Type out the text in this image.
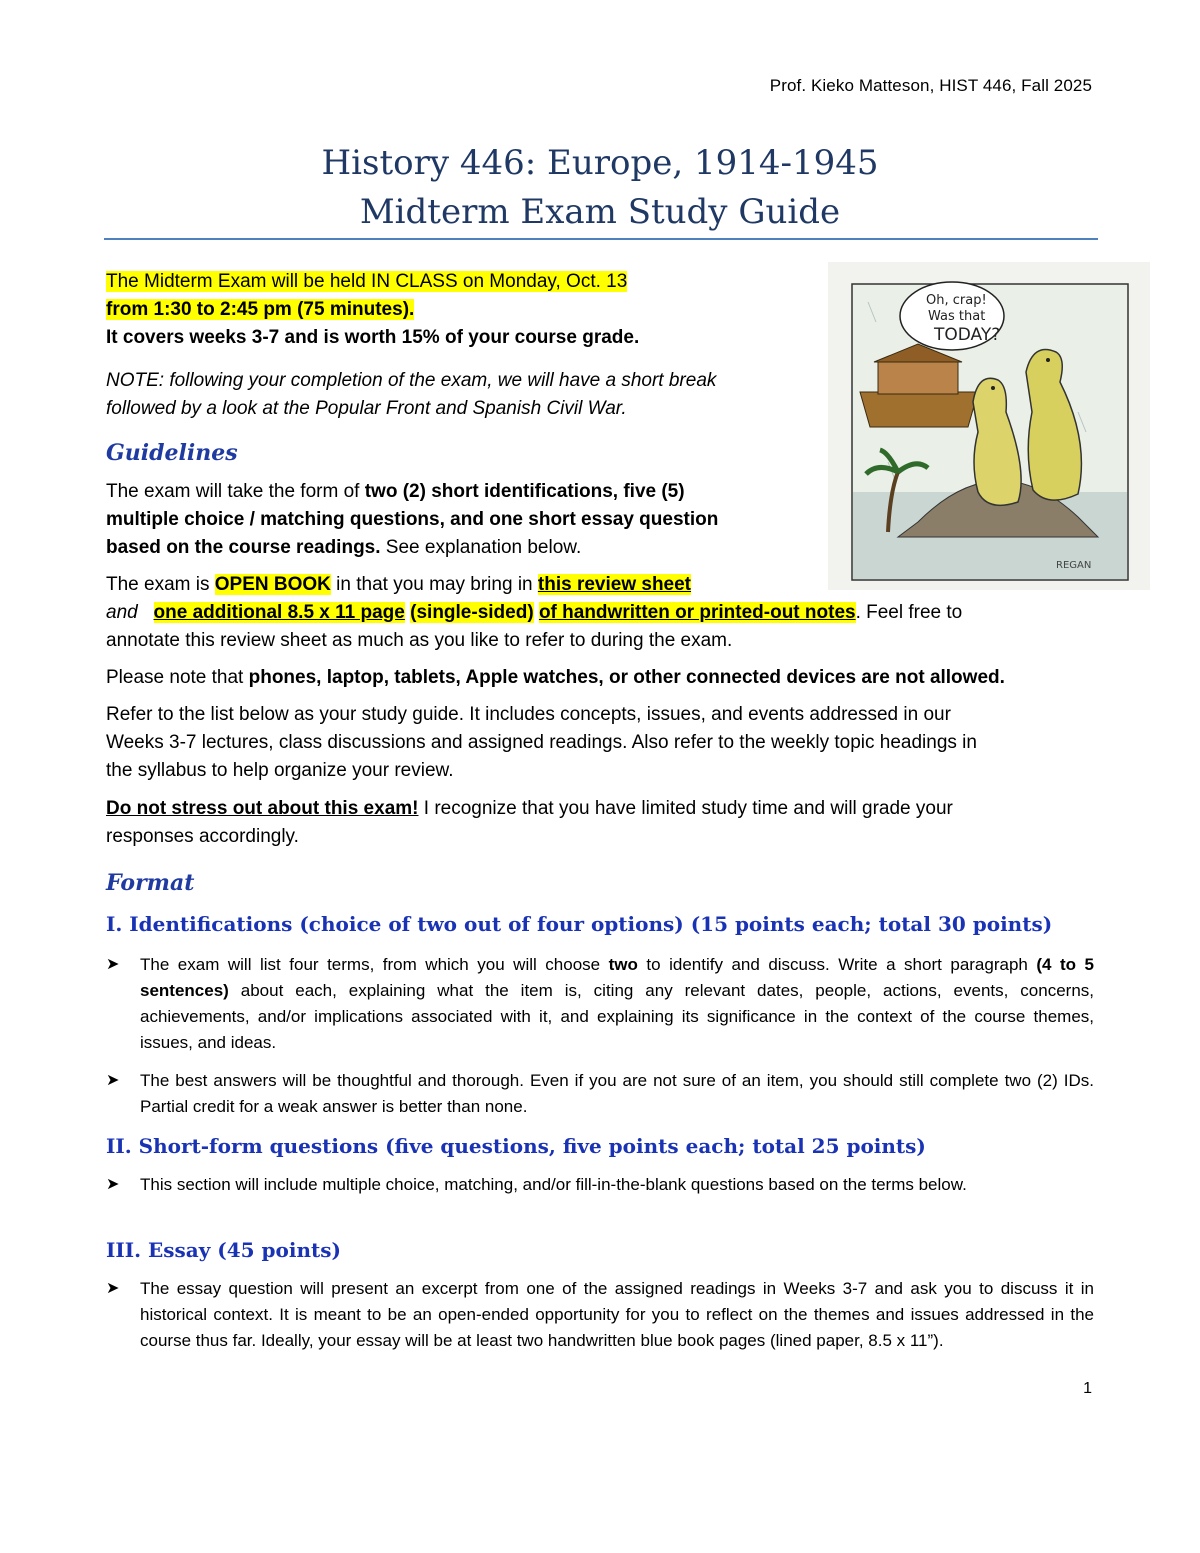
Prof. Kieko Matteson, HIST 446, Fall 2025
History 446: Europe, 1914-1945
Midterm Exam Study Guide
The Midterm Exam will be held IN CLASS on Monday, Oct. 13
from 1:30 to 2:45 pm (75 minutes).
It covers weeks 3-7 and is worth 15% of your course grade.
NOTE: following your completion of the exam, we will have a short break
followed by a look at the Popular Front and Spanish Civil War.
Oh, crap!
Was that
TODAY?
REGAN
Guidelines
The exam will take the form of two (2) short identifications, five (5)
multiple choice / matching questions, and one short essay question
based on the course readings. See explanation below.
The exam is OPEN BOOK in that you may bring in this review sheet
and one additional 8.5 x 11 page (single-sided) of handwritten or printed-out notes. Feel free to
annotate this review sheet as much as you like to refer to during the exam.
Please note that phones, laptop, tablets, Apple watches, or other connected devices are not allowed.
Refer to the list below as your study guide. It includes concepts, issues, and events addressed in our
Weeks 3-7 lectures, class discussions and assigned readings. Also refer to the weekly topic headings in
the syllabus to help organize your review.
Do not stress out about this exam! I recognize that you have limited study time and will grade your
responses accordingly.
Format
I. Identifications (choice of two out of four options) (15 points each; total 30 points)
➤ The exam will list four terms, from which you will choose two to identify and discuss. Write a short paragraph (4 to 5 sentences) about each, explaining what the item is, citing any relevant dates, people, actions, events, concerns, achievements, and/or implications associated with it, and explaining its significance in the context of the course themes, issues, and ideas.
➤ The best answers will be thoughtful and thorough. Even if you are not sure of an item, you should still complete two (2) IDs. Partial credit for a weak answer is better than none.
II. Short-form questions (five questions, five points each; total 25 points)
➤ This section will include multiple choice, matching, and/or fill-in-the-blank questions based on the terms below.
III. Essay (45 points)
➤ The essay question will present an excerpt from one of the assigned readings in Weeks 3-7 and ask you to discuss it in historical context. It is meant to be an open-ended opportunity for you to reflect on the themes and issues addressed in the course thus far. Ideally, your essay will be at least two handwritten blue book pages (lined paper, 8.5 x 11”).
1
